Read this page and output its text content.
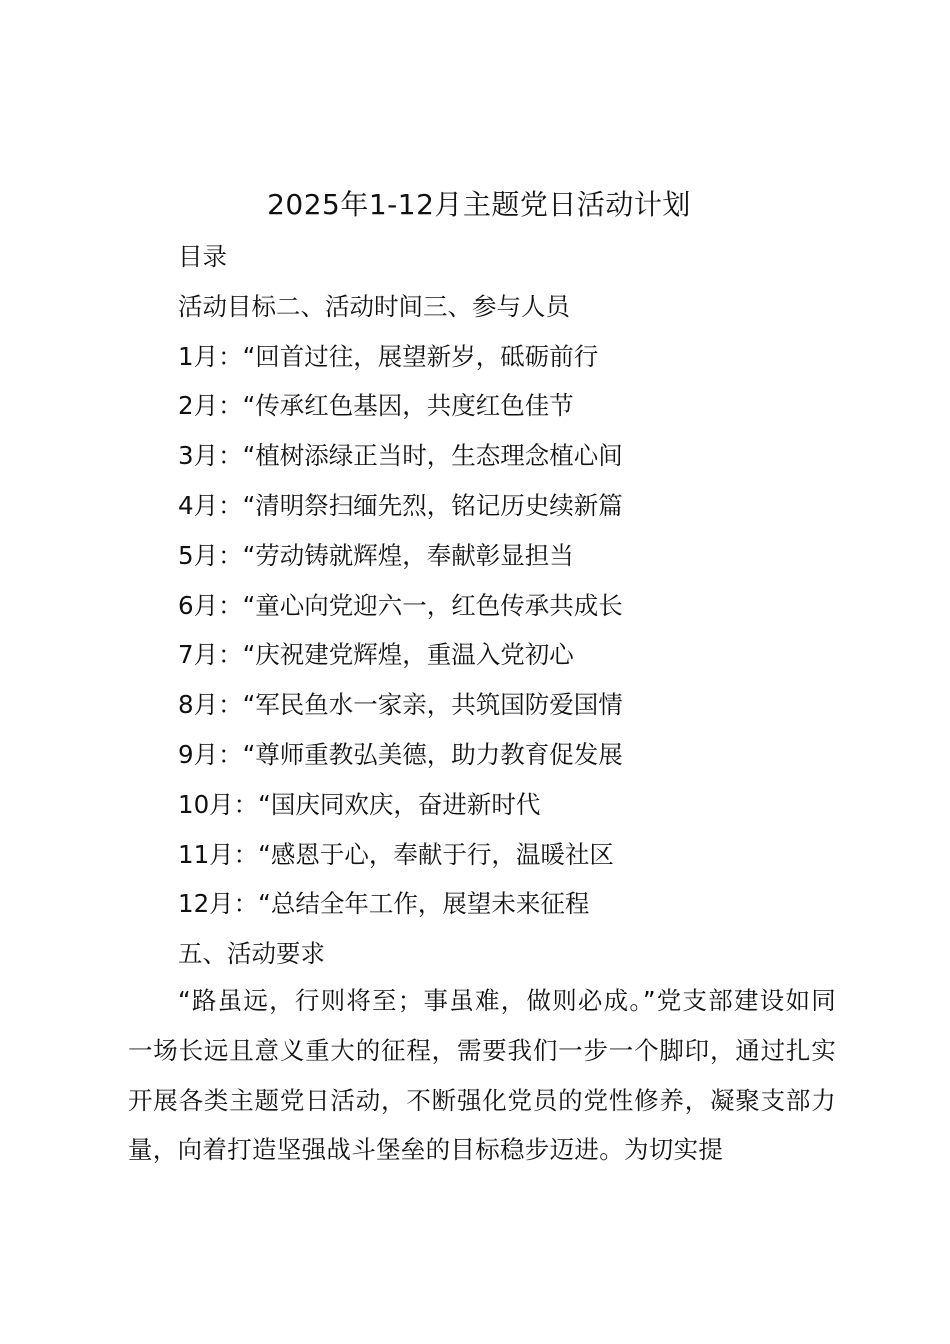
2025年1-12月主题党日活动计划
目录
活动目标二、活动时间三、参与人员
1月：“回首过往，展望新岁，砥砺前行
2月：“传承红色基因，共度红色佳节
3月：“植树添绿正当时，生态理念植心间
4月：“清明祭扫缅先烈，铭记历史续新篇
5月：“劳动铸就辉煌，奉献彰显担当
6月：“童心向党迎六一，红色传承共成长
7月：“庆祝建党辉煌，重温入党初心
8月：“军民鱼水一家亲，共筑国防爱国情
9月：“尊师重教弘美德，助力教育促发展
10月：“国庆同欢庆，奋进新时代
11月：“感恩于心，奉献于行，温暖社区
12月：“总结全年工作，展望未来征程
五、活动要求

“路虽远，行则将至；事虽难，做则必成。”党支部建设如同一场长远且意义重大的征程，需要我们一步一个脚印，通过扎实开展各类主题党日活动，不断强化党员的党性修养，凝聚支部力量，向着打造坚强战斗堡垒的目标稳步迈进。为切实提
